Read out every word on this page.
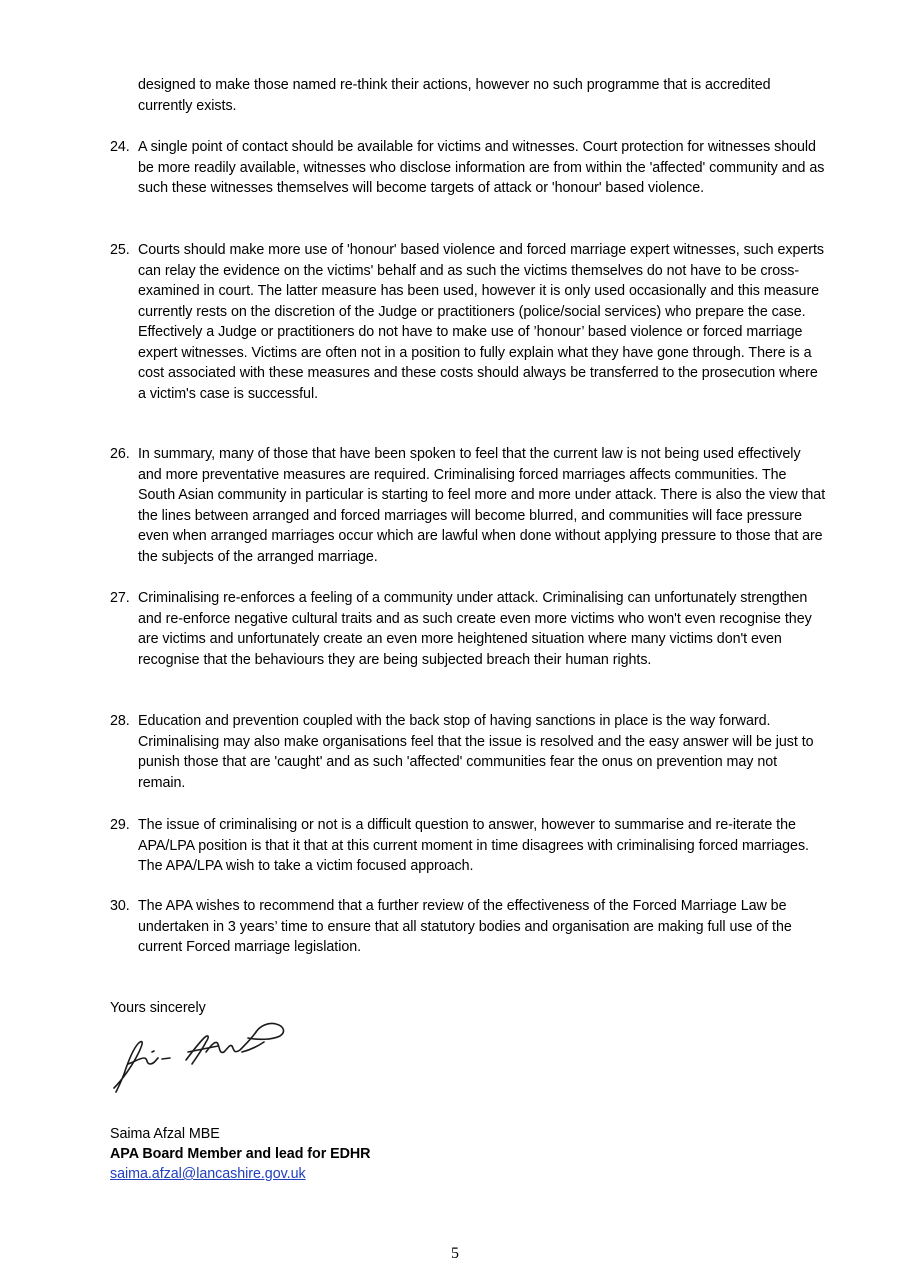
designed to make those named re-think their actions, however no such programme that is accredited currently exists.
24. A single point of contact should be available for victims and witnesses. Court protection for witnesses should be more readily available, witnesses who disclose information are from within the 'affected' community and as such these witnesses themselves will become targets of attack or 'honour' based violence.
25. Courts should make more use of 'honour' based violence and forced marriage expert witnesses, such experts can relay the evidence on the victims' behalf and as such the victims themselves do not have to be cross-examined in court. The latter measure has been used, however it is only used occasionally and this measure currently rests on the discretion of the Judge or practitioners (police/social services) who prepare the case. Effectively a Judge or practitioners do not have to make use of ’honour’ based violence or forced marriage expert witnesses. Victims are often not in a position to fully explain what they have gone through. There is a cost associated with these measures and these costs should always be transferred to the prosecution where a victim's case is successful.
26. In summary, many of those that have been spoken to feel that the current law is not being used effectively and more preventative measures are required. Criminalising forced marriages affects communities. The South Asian community in particular is starting to feel more and more under attack. There is also the view that the lines between arranged and forced marriages will become blurred, and communities will face pressure even when arranged marriages occur which are lawful when done without applying pressure to those that are the subjects of the arranged marriage.
27. Criminalising re-enforces a feeling of a community under attack. Criminalising can unfortunately strengthen and re-enforce negative cultural traits and as such create even more victims who won't even recognise they are victims and unfortunately create an even more heightened situation where many victims don't even recognise that the behaviours they are being subjected breach their human rights.
28. Education and prevention coupled with the back stop of having sanctions in place is the way forward. Criminalising may also make organisations feel that the issue is resolved and the easy answer will be just to punish those that are 'caught' and as such 'affected' communities fear the onus on prevention may not remain.
29. The issue of criminalising or not is a difficult question to answer, however to summarise and re-iterate the APA/LPA position is that it that at this current moment in time disagrees with criminalising forced marriages. The APA/LPA wish to take a victim focused approach.
30. The APA wishes to recommend that a further review of the effectiveness of the Forced Marriage Law be undertaken in 3 years’ time to ensure that all statutory bodies and organisation are making full use of the current Forced marriage legislation.
Yours sincerely
Saima Afzal MBE
APA Board Member and lead for EDHR
saima.afzal@lancashire.gov.uk
5
